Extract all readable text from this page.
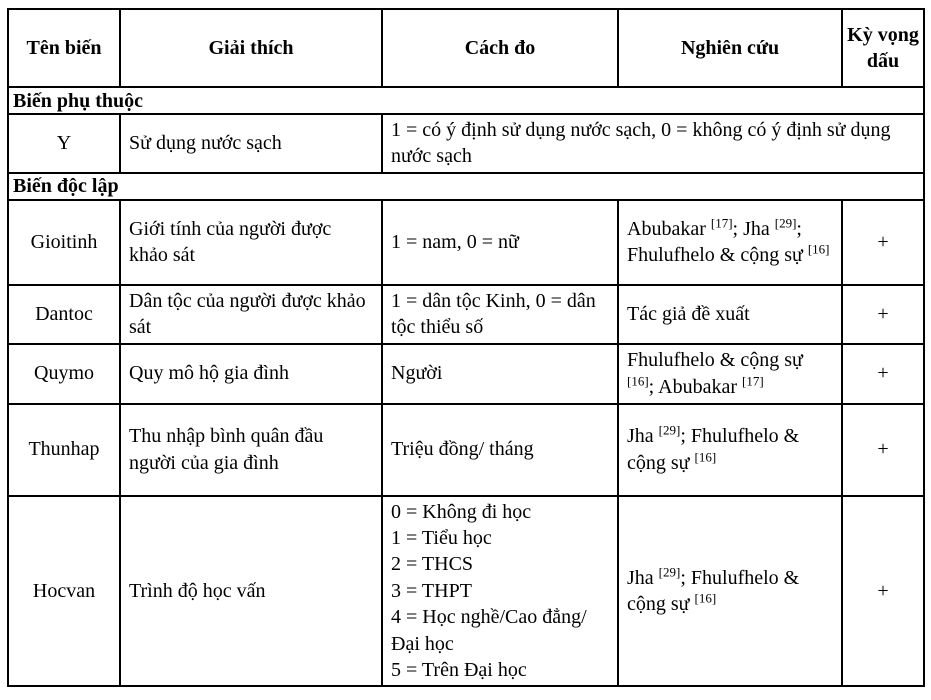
Tên biến	Giải thích	Cách đo	Nghiên cứu	Kỳ vọng dấu
Biến phụ thuộc				
Y	Sử dụng nước sạch	1 = có ý định sử dụng nước sạch, 0 = không có ý định sử dụng nước sạch		
Biến độc lập				
Gioitinh	Giới tính của người được khảo sát	1 = nam, 0 = nữ	Abubakar [17]; Jha [29]; Fhulufhelo & cộng sự [16]	+
Dantoc	Dân tộc của người được khảo sát	1 = dân tộc Kinh, 0 = dân tộc thiểu số	Tác giả đề xuất	+
Quymo	Quy mô hộ gia đình	Người	Fhulufhelo & cộng sự [16]; Abubakar [17]	+
Thunhap	Thu nhập bình quân đầu người của gia đình	Triệu đồng/ tháng	Jha [29]; Fhulufhelo & cộng sự [16]	+
Hocvan	Trình độ học vấn	0 = Không đi học
1 = Tiểu học
2 = THCS
3 = THPT
4 = Học nghề/Cao đẳng/Đại học
5 = Trên Đại học	Jha [29]; Fhulufhelo & cộng sự [16]	+
